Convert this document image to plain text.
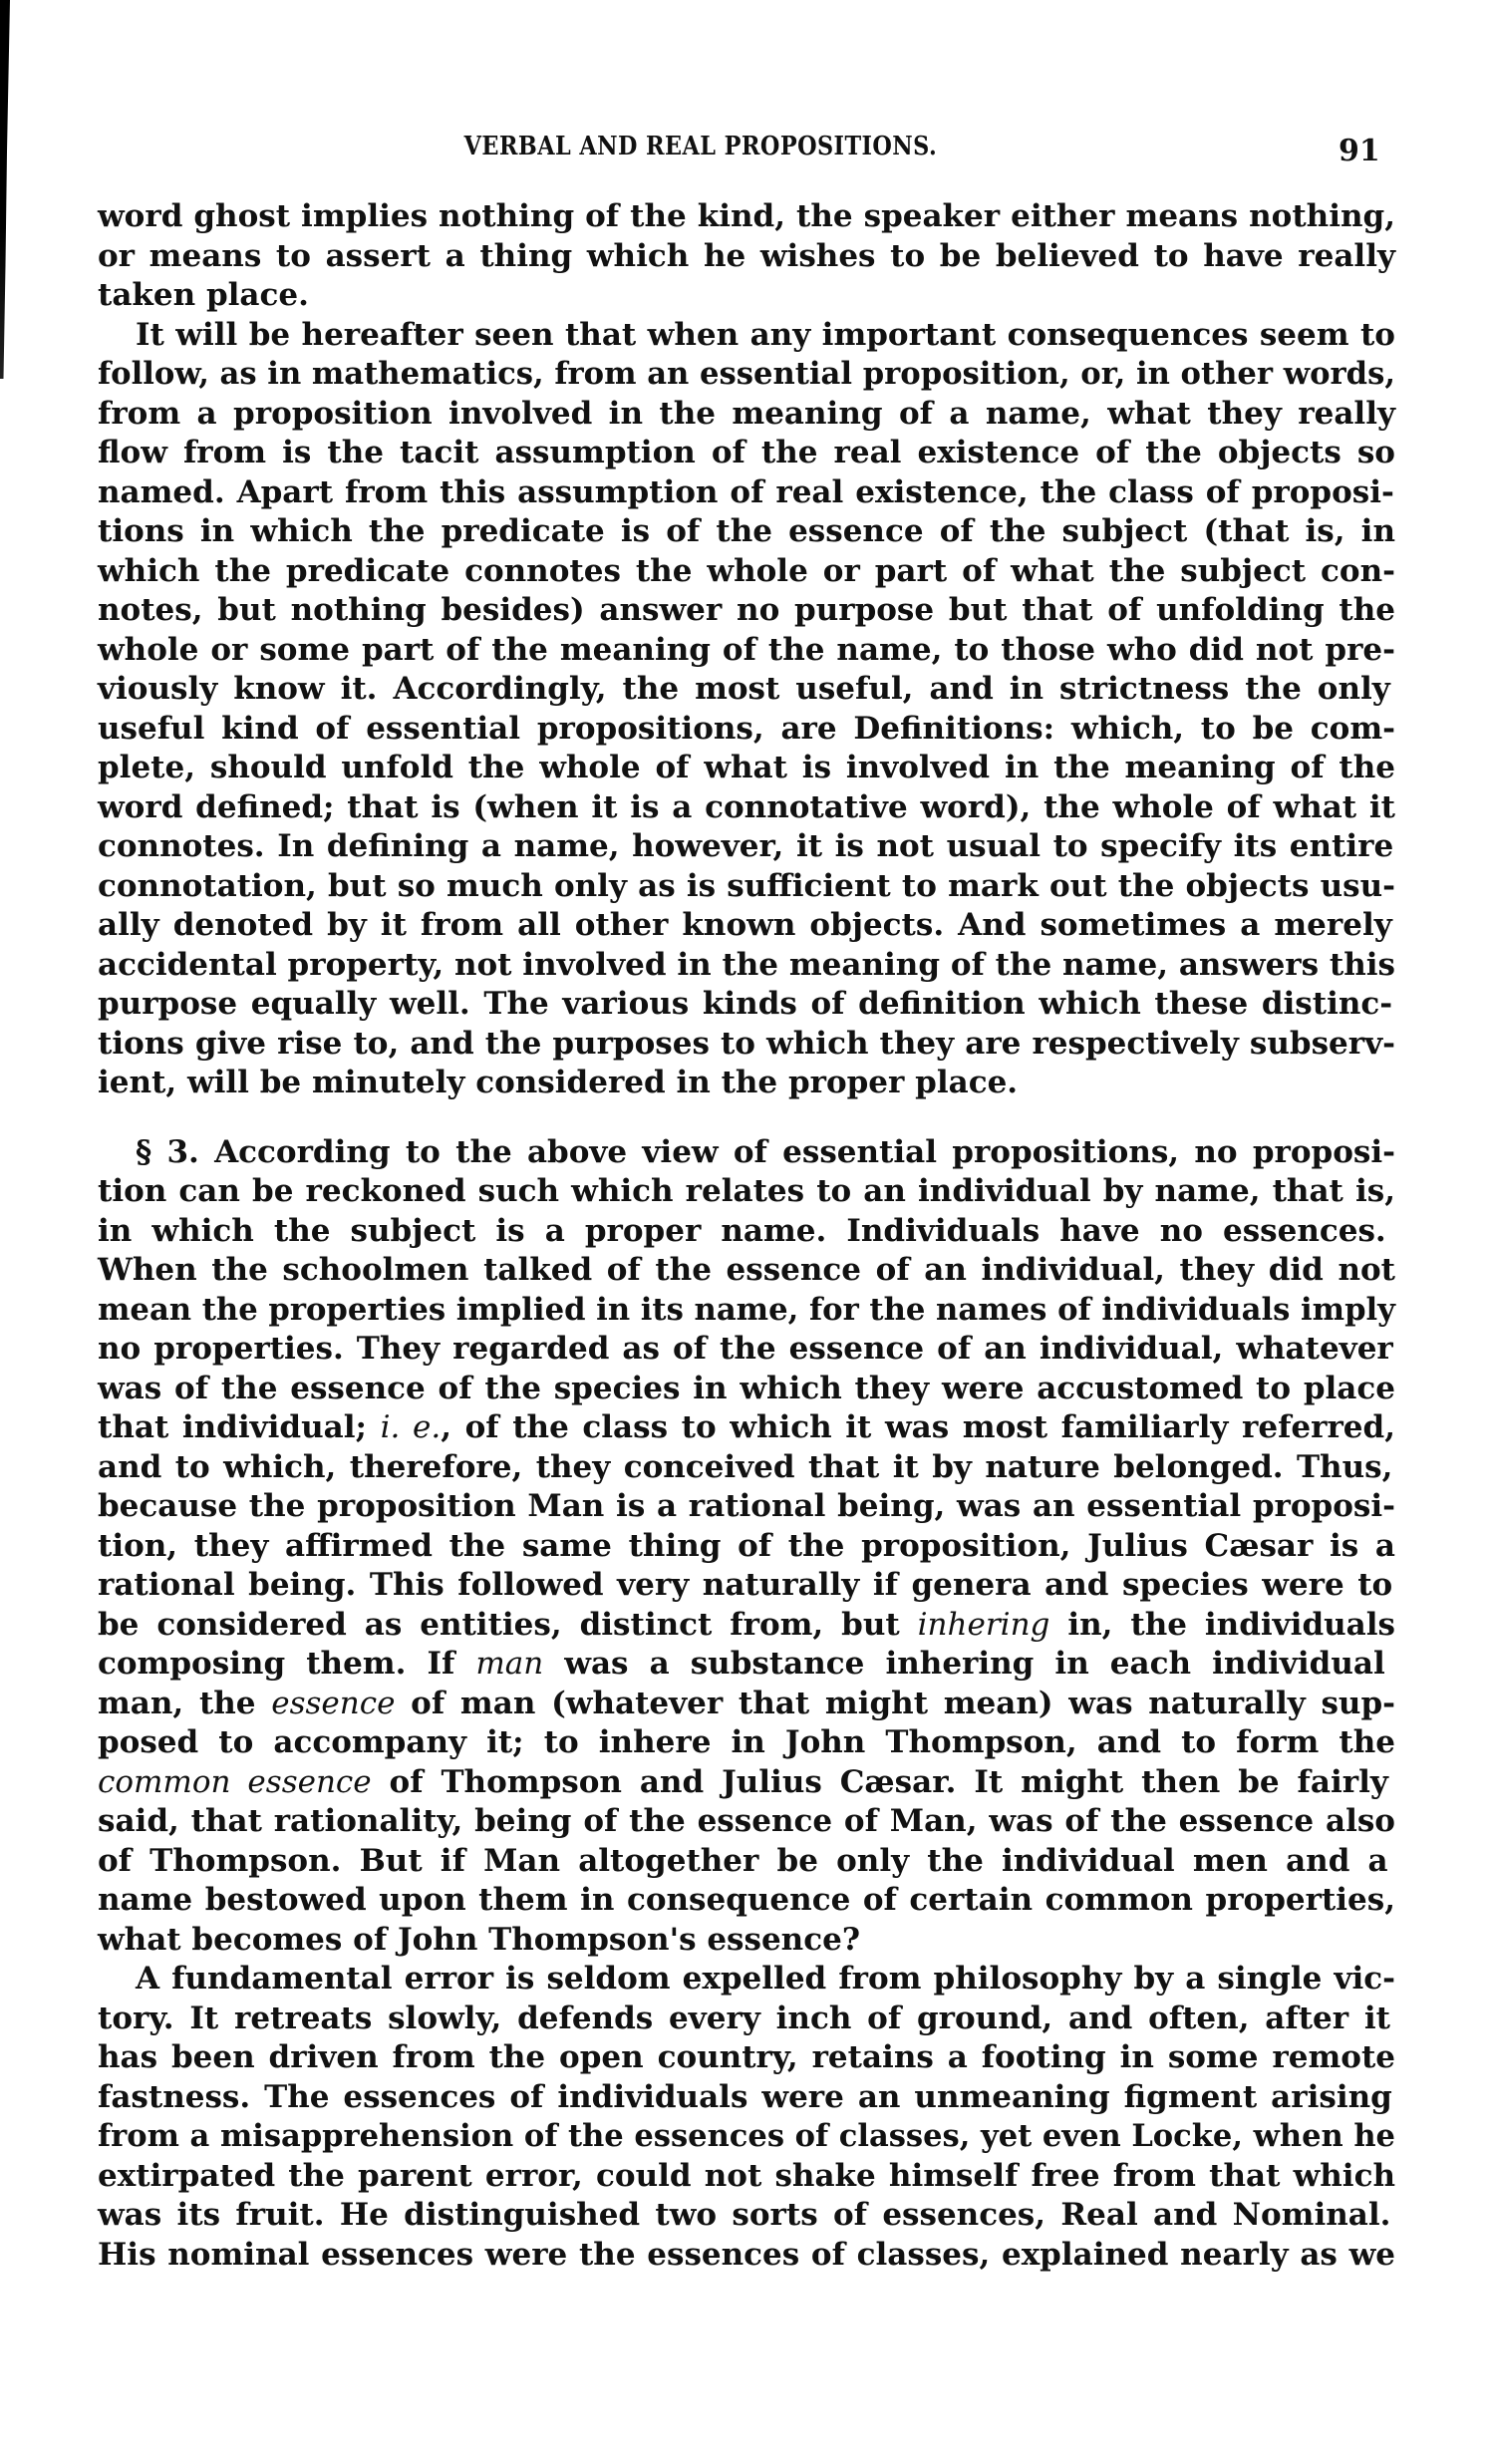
VERBAL AND REAL PROPOSITIONS.	91
word ghost implies nothing of the kind, the speaker either means nothing,
or means to assert a thing which he wishes to be believed to have really
taken place.
It will be hereafter seen that when any important consequences seem to
follow, as in mathematics, from an essential proposition, or, in other words,
from a proposition involved in the meaning of a name, what they really
flow from is the tacit assumption of the real existence of the objects so
named. Apart from this assumption of real existence, the class of proposi-
tions in which the predicate is of the essence of the subject (that is, in
which the predicate connotes the whole or part of what the subject con-
notes, but nothing besides) answer no purpose but that of unfolding the
whole or some part of the meaning of the name, to those who did not pre-
viously know it. Accordingly, the most useful, and in strictness the only
useful kind of essential propositions, are Definitions: which, to be com-
plete, should unfold the whole of what is involved in the meaning of the
word defined; that is (when it is a connotative word), the whole of what it
connotes. In defining a name, however, it is not usual to specify its entire
connotation, but so much only as is sufficient to mark out the objects usu-
ally denoted by it from all other known objects. And sometimes a merely
accidental property, not involved in the meaning of the name, answers this
purpose equally well. The various kinds of definition which these distinc-
tions give rise to, and the purposes to which they are respectively subserv-
ient, will be minutely considered in the proper place.
§ 3. According to the above view of essential propositions, no proposi-
tion can be reckoned such which relates to an individual by name, that is,
in which the subject is a proper name. Individuals have no essences.
When the schoolmen talked of the essence of an individual, they did not
mean the properties implied in its name, for the names of individuals imply
no properties. They regarded as of the essence of an individual, whatever
was of the essence of the species in which they were accustomed to place
that individual; i. e., of the class to which it was most familiarly referred,
and to which, therefore, they conceived that it by nature belonged. Thus,
because the proposition Man is a rational being, was an essential proposi-
tion, they affirmed the same thing of the proposition, Julius Cæsar is a
rational being. This followed very naturally if genera and species were to
be considered as entities, distinct from, but inhering in, the individuals
composing them. If man was a substance inhering in each individual
man, the essence of man (whatever that might mean) was naturally sup-
posed to accompany it; to inhere in John Thompson, and to form the
common essence of Thompson and Julius Cæsar. It might then be fairly
said, that rationality, being of the essence of Man, was of the essence also
of Thompson. But if Man altogether be only the individual men and a
name bestowed upon them in consequence of certain common properties,
what becomes of John Thompson's essence?
A fundamental error is seldom expelled from philosophy by a single vic-
tory. It retreats slowly, defends every inch of ground, and often, after it
has been driven from the open country, retains a footing in some remote
fastness. The essences of individuals were an unmeaning figment arising
from a misapprehension of the essences of classes, yet even Locke, when he
extirpated the parent error, could not shake himself free from that which
was its fruit. He distinguished two sorts of essences, Real and Nominal.
His nominal essences were the essences of classes, explained nearly as we
